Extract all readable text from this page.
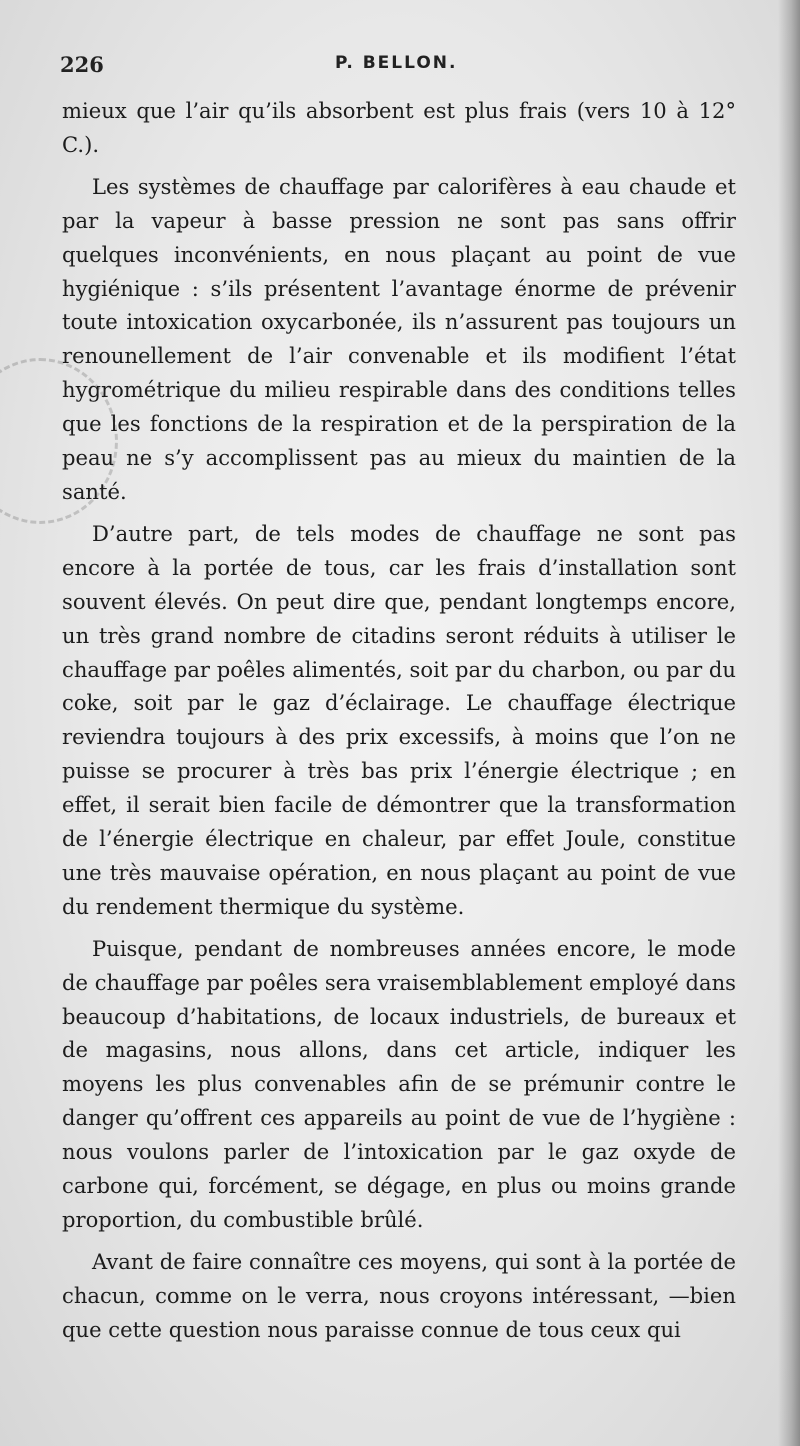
226	P. BELLON.

mieux que l’air qu’ils absorbent est plus frais (vers 10 à 12° C.).

Les systèmes de chauffage par calorifères à eau chaude et par la vapeur à basse pression ne sont pas sans offrir quelques inconvénients, en nous plaçant au point de vue hygiénique : s’ils présentent l’avantage énorme de prévenir toute intoxication oxycarbonée, ils n’assurent pas toujours un renounellement de l’air convenable et ils modifient l’état hygrométrique du milieu respirable dans des conditions telles que les fonctions de la respiration et de la perspiration de la peau ne s’y accomplissent pas au mieux du maintien de la santé.

D’autre part, de tels modes de chauffage ne sont pas encore à la portée de tous, car les frais d’installation sont souvent élevés. On peut dire que, pendant longtemps encore, un très grand nombre de citadins seront réduits à utiliser le chauffage par poêles alimentés, soit par du charbon, ou par du coke, soit par le gaz d’éclairage. Le chauffage électrique reviendra toujours à des prix excessifs, à moins que l’on ne puisse se procurer à très bas prix l’énergie électrique ; en effet, il serait bien facile de démontrer que la transformation de l’énergie électrique en chaleur, par effet Joule, constitue une très mauvaise opération, en nous plaçant au point de vue du rendement thermique du système.

Puisque, pendant de nombreuses années encore, le mode de chauffage par poêles sera vraisemblablement employé dans beaucoup d’habitations, de locaux industriels, de bureaux et de magasins, nous allons, dans cet article, indiquer les moyens les plus convenables afin de se prémunir contre le danger qu’offrent ces appareils au point de vue de l’hygiène : nous voulons parler de l’intoxication par le gaz oxyde de carbone qui, forcément, se dégage, en plus ou moins grande proportion, du combustible brûlé.

Avant de faire connaître ces moyens, qui sont à la portée de chacun, comme on le verra, nous croyons intéressant, —bien que cette question nous paraisse connue de tous ceux qui
